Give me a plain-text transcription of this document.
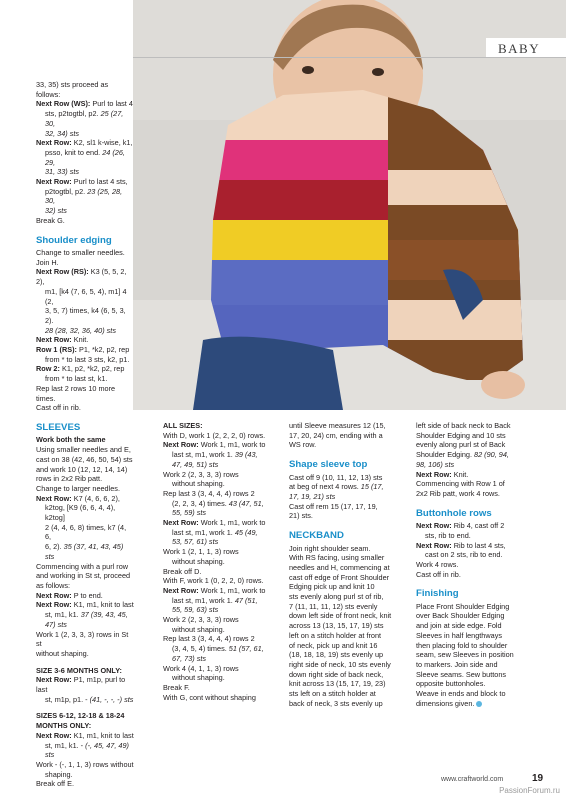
BABY

33, 35) sts proceed as follows:

Next Row (WS): Purl to last 4

sts, p2togtbl, p2. 25 (27, 30,

32, 34) sts

Next Row: K2, sl1 k-wise, k1,

psso, knit to end. 24 (26, 29,

31, 33) sts

Next Row: Purl to last 4 sts,

p2togtbl, p2. 23 (25, 28, 30,

32) sts

Break G.

Shoulder edging

Change to smaller needles.

Join H.

Next Row (RS): K3 (5, 5, 2, 2),

m1, [k4 (7, 6, 5, 4), m1] 4 (2,

3, 5, 7) times, k4 (6, 5, 3, 2).

28 (28, 32, 36, 40) sts

Next Row: Knit.

Row 1 (RS): P1, *k2, p2, rep

from * to last 3 sts, k2, p1.

Row 2: K1, p2, *k2, p2, rep

from * to last st, k1.

Rep last 2 rows 10 more times.

Cast off in rib.

SLEEVES

Work both the same

Using smaller needles and E,

cast on 38 (42, 46, 50, 54) sts

and work 10 (12, 12, 14, 14)

rows in 2x2 Rib patt.

Change to larger needles.

Next Row: K7 (4, 6, 6, 2),

k2tog, [K9 (6, 6, 4, 4), k2tog]

2 (4, 4, 6, 8) times, k7 (4, 6,

6, 2). 35 (37, 41, 43, 45) sts

Commencing with a purl row

and working in St st, proceed

as follows:

Next Row: P to end.

Next Row: K1, m1, knit to last

st, m1, k1. 37 (39, 43, 45,

47) sts

Work 1 (2, 3, 3, 3) rows in St st

without shaping.

SIZE 3-6 MONTHS ONLY:

Next Row: P1, m1p, purl to last

st, m1p, p1. - (41, -, -, -) sts

SIZES 6-12, 12-18 & 18-24

MONTHS ONLY:

Next Row: K1, m1, knit to last

st, m1, k1. - (-, 45, 47, 49) sts

Work - (-, 1, 1, 3) rows without

shaping.

Break off E.

ALL SIZES:

With D, work 1 (2, 2, 2, 0) rows.

Next Row: Work 1, m1, work to

last st, m1, work 1. 39 (43,

47, 49, 51) sts

Work 2 (2, 3, 3, 3) rows

without shaping.

Rep last 3 (3, 4, 4, 4) rows 2

(2, 2, 3, 4) times. 43 (47, 51,

55, 59) sts

Next Row: Work 1, m1, work to

last st, m1, work 1. 45 (49,

53, 57, 61) sts

Work 1 (2, 1, 1, 3) rows

without shaping.

Break off D.

With F, work 1 (0, 2, 2, 0) rows.

Next Row: Work 1, m1, work to

last st, m1, work 1. 47 (51,

55, 59, 63) sts

Work 2 (2, 3, 3, 3) rows

without shaping.

Rep last 3 (3, 4, 4, 4) rows 2

(3, 4, 5, 4) times. 51 (57, 61,

67, 73) sts

Work 4 (4, 1, 1, 3) rows

without shaping.

Break F.

With G, cont without shaping

until Sleeve measures 12 (15,

17, 20, 24) cm, ending with a

WS row.

Shape sleeve top

Cast off 9 (10, 11, 12, 13) sts

at beg of next 4 rows. 15 (17,

17, 19, 21) sts

Cast off rem 15 (17, 17, 19,

21) sts.

NECKBAND

Join right shoulder seam.

With RS facing, using smaller

needles and H, commencing at

cast off edge of Front Shoulder

Edging pick up and knit 10

sts evenly along purl st of rib,

7 (11, 11, 11, 12) sts evenly

down left side of front neck, knit

across 13 (13, 15, 17, 19) sts

left on a stitch holder at front

of neck, pick up and knit 16

(18, 18, 18, 19) sts evenly up

right side of neck, 10 sts evenly

down right side of back neck,

knit across 13 (15, 17, 19, 23)

sts left on a stitch holder at

back of neck, 3 sts evenly up

left side of back neck to Back

Shoulder Edging and 10 sts

evenly along purl st of Back

Shoulder Edging. 82 (90, 94,

98, 106) sts

Next Row: Knit.

Commencing with Row 1 of

2x2 Rib patt, work 4 rows.

Buttonhole rows

Next Row: Rib 4, cast off 2

sts, rib to end.

Next Row: Rib to last 4 sts,

cast on 2 sts, rib to end.

Work 4 rows.

Cast off in rib.

Finishing

Place Front Shoulder Edging

over Back Shoulder Edging

and join at side edge. Fold

Sleeves in half lengthways

then placing fold to shoulder

seam, sew Sleeves in position

to markers. Join side and

Sleeve seams. Sew buttons

opposite buttonholes.

Weave in ends and block to

dimensions given.

www.craftworld.com	19
PassionForum.ru
